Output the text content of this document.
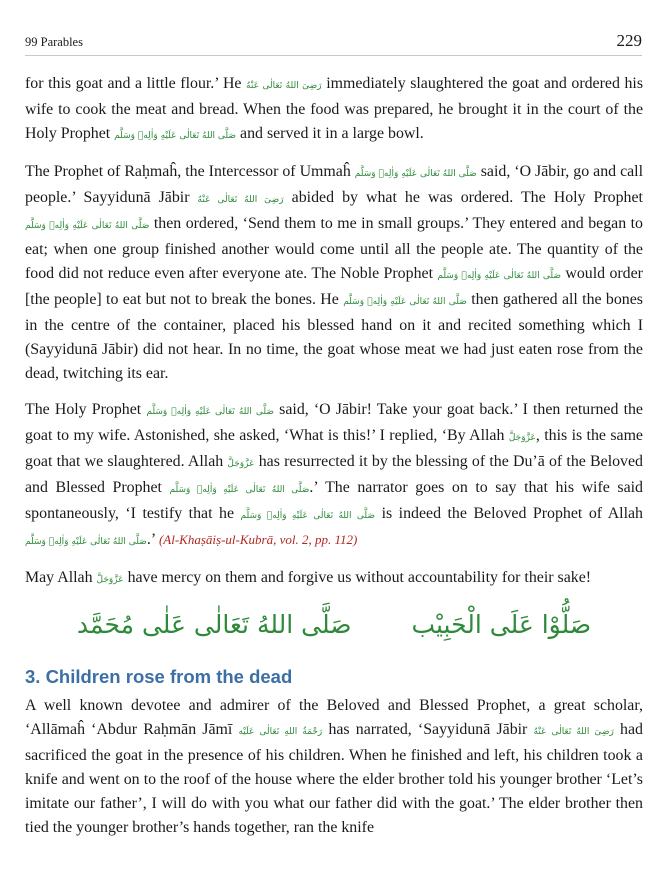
99 Parables	229

for this goat and a little flour.’ He رَضِیَ اللهُ تَعَالٰی عَنْهُ immediately slaughtered the goat and ordered his wife to cook the meat and bread. When the food was prepared, he brought it in the court of the Holy Prophet صَلَّی اللهُ تَعَالٰی عَلَیْهِ وَاٰلِهٖ وَسَلَّم and served it in a large bowl.

The Prophet of Raḥmaĥ, the Intercessor of Ummaĥ صَلَّی اللهُ تَعَالٰی عَلَیْهِ وَاٰلِهٖ وَسَلَّم said, ‘O Jābir, go and call people.’ Sayyidunā Jābir رَضِیَ اللهُ تَعَالٰی عَنْهُ abided by what he was ordered. The Holy Prophet صَلَّی اللهُ تَعَالٰی عَلَیْهِ وَاٰلِهٖ وَسَلَّم then ordered, ‘Send them to me in small groups.’ They entered and began to eat; when one group finished another would come until all the people ate. The quantity of the food did not reduce even after everyone ate. The Noble Prophet صَلَّی اللهُ تَعَالٰی عَلَیْهِ وَاٰلِهٖ وَسَلَّم would order [the people] to eat but not to break the bones. He صَلَّی اللهُ تَعَالٰی عَلَیْهِ وَاٰلِهٖ وَسَلَّم then gathered all the bones in the centre of the container, placed his blessed hand on it and recited something which I (Sayyidunā Jābir) did not hear. In no time, the goat whose meat we had just eaten rose from the dead, twitching its ear.

The Holy Prophet صَلَّی اللهُ تَعَالٰی عَلَیْهِ وَاٰلِهٖ وَسَلَّم said, ‘O Jābir! Take your goat back.’ I then returned the goat to my wife. Astonished, she asked, ‘What is this!’ I replied, ‘By Allah عَزَّوَجَلَّ, this is the same goat that we slaughtered. Allah عَزَّوَجَلَّ has resurrected it by the blessing of the Du’ā of the Beloved and Blessed Prophet صَلَّی اللهُ تَعَالٰی عَلَیْهِ وَاٰلِهٖ وَسَلَّم.’ The narrator goes on to say that his wife said spontaneously, ‘I testify that he صَلَّی اللهُ تَعَالٰی عَلَیْهِ وَاٰلِهٖ وَسَلَّم is indeed the Beloved Prophet of Allah صَلَّی اللهُ تَعَالٰی عَلَیْهِ وَاٰلِهٖ وَسَلَّم.’ (Al-Khaṣāiṣ-ul-Kubrā, vol. 2, pp. 112)

May Allah عَزَّوَجَلَّ have mercy on them and forgive us without accountability for their sake!

صَلُّوْا عَلَی الْحَبِیْب صَلَّی اللهُ تَعَالٰی عَلٰی مُحَمَّد
3. Children rose from the dead

A well known devotee and admirer of the Beloved and Blessed Prophet, a great scholar, ‘Allāmaĥ ‘Abdur Raḥmān Jāmī رَحْمَةُ اللهِ تَعَالٰی عَلَیْه has narrated, ‘Sayyidunā Jābir رَضِیَ اللهُ تَعَالٰی عَنْهُ had sacrificed the goat in the presence of his children. When he finished and left, his children took a knife and went on to the roof of the house where the elder brother told his younger brother ‘Let’s imitate our father’, I will do with you what our father did with the goat.’ The elder brother then tied the younger brother’s hands together, ran the knife
